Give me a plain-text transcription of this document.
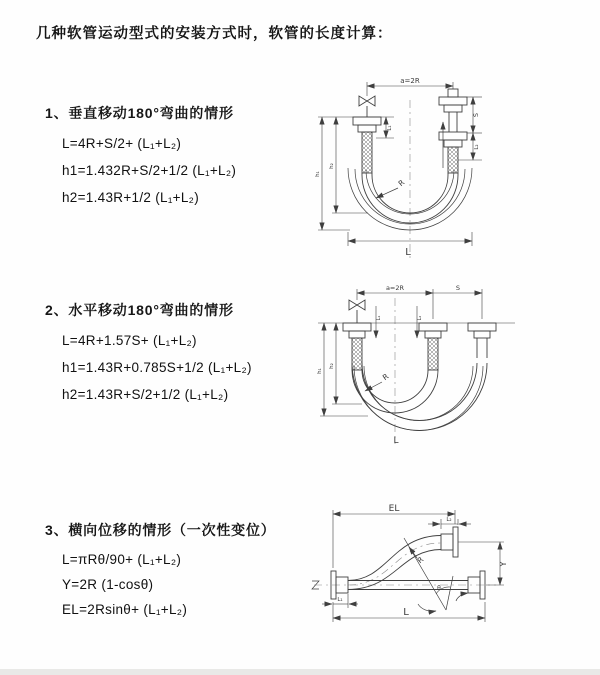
几种软管运动型式的安装方式时，软管的长度计算：
1、垂直移动180°弯曲的情形
L=4R+S/2+ (L₁+L₂)
h1=1.432R+S/2+1/2 (L₁+L₂)
h2=1.43R+1/2 (L₁+L₂)
2、水平移动180°弯曲的情形
L=4R+1.57S+ (L₁+L₂)
h1=1.43R+0.785S+1/2 (L₁+L₂)
h2=1.43R+S/2+1/2 (L₁+L₂)
3、横向位移的情形（一次性变位）
L=πRθ/90+ (L₁+L₂)
Y=2R (1-cosθ)
EL=2Rsinθ+ (L₁+L₂)
a=2R
L₁
S
L₂
h₁
h₂
R
L
a=2R	S
L₁	L₂
h₁
h₂
R
L
EL
L₂
Y
R
θ
L₁
L
